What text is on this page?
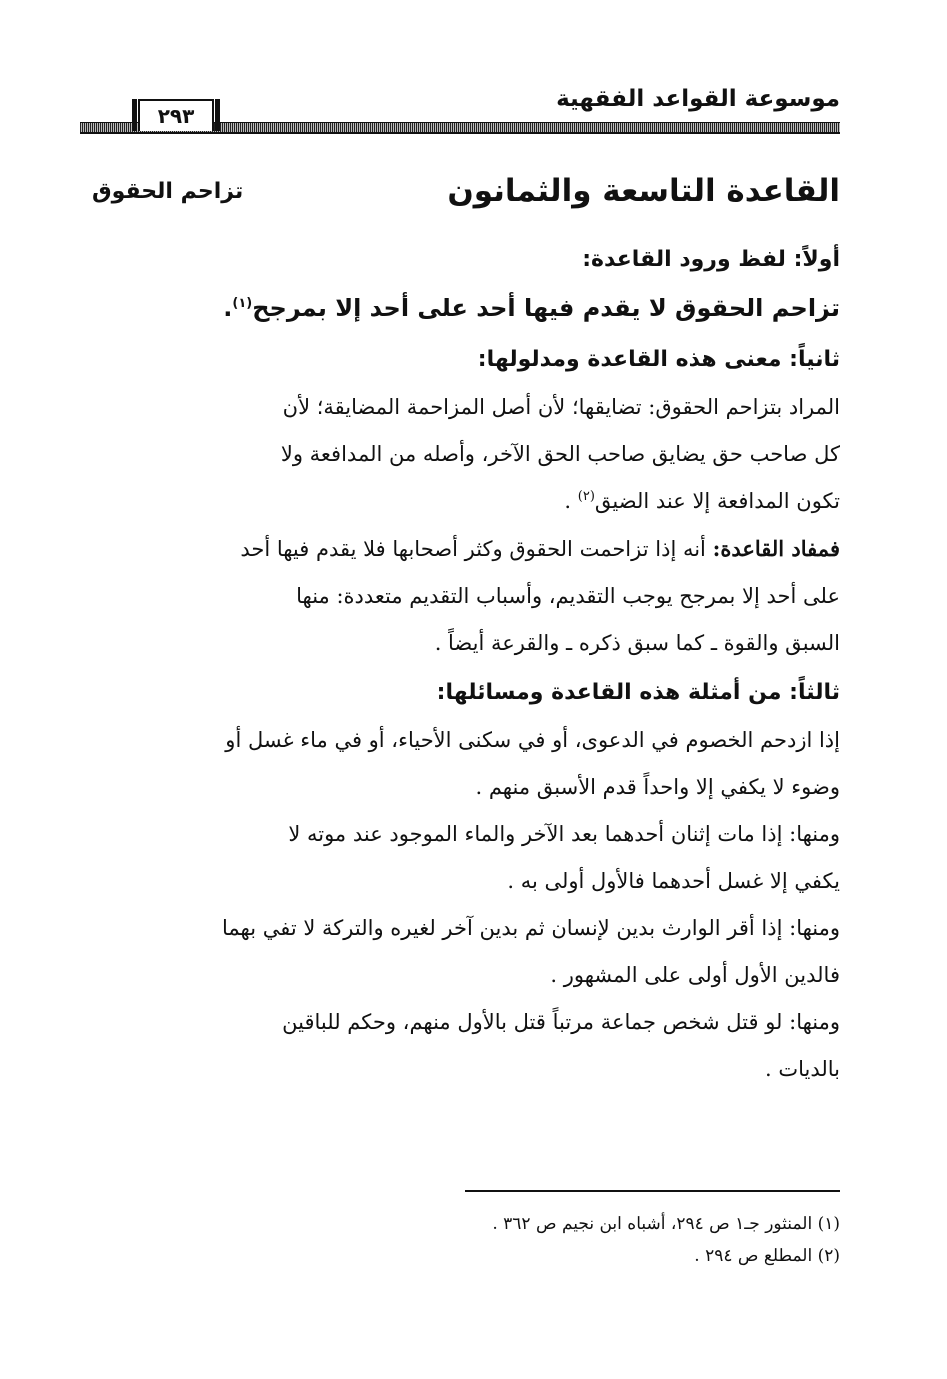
موسوعة القواعد الفقهية
٢٩٣
القاعدة التاسعة والثمانون
تزاحم الحقوق
أولاً: لفظ ورود القاعدة:

تزاحم الحقوق لا يقدم فيها أحد على أحد إلا بمرجح$^{(١)}$.

ثانياً: معنى هذه القاعدة ومدلولها:

المراد بتزاحم الحقوق: تضايقها؛ لأن أصل المزاحمة المضايقة؛ لأن
كل صاحب حق يضايق صاحب الحق الآخر، وأصله من المدافعة ولا
تكون المدافعة إلا عند الضيق$^{(٢)}$ .

فمفاد القاعدة: أنه إذا تزاحمت الحقوق وكثر أصحابها فلا يقدم فيها أحد
على أحد إلا بمرجح يوجب التقديم، وأسباب التقديم متعددة: منها
السبق والقوة ـ كما سبق ذكره ـ والقرعة أيضاً .

ثالثاً: من أمثلة هذه القاعدة ومسائلها:

إذا ازدحم الخصوم في الدعوى، أو في سكنى الأحياء، أو في ماء غسل أو
وضوء لا يكفي إلا واحداً قدم الأسبق منهم .

ومنها: إذا مات إثنان أحدهما بعد الآخر والماء الموجود عند موته لا
يكفي إلا غسل أحدهما فالأول أولى به .

ومنها: إذا أقر الوارث بدين لإنسان ثم بدين آخر لغيره والتركة لا تفي بهما
فالدين الأول أولى على المشهور .

ومنها: لو قتل شخص جماعة مرتباً قتل بالأول منهم، وحكم للباقين
بالديات .

(١) المنثور جـ١ ص ٢٩٤، أشباه ابن نجيم ص ٣٦٢ .

(٢) المطلع ص ٢٩٤ .
